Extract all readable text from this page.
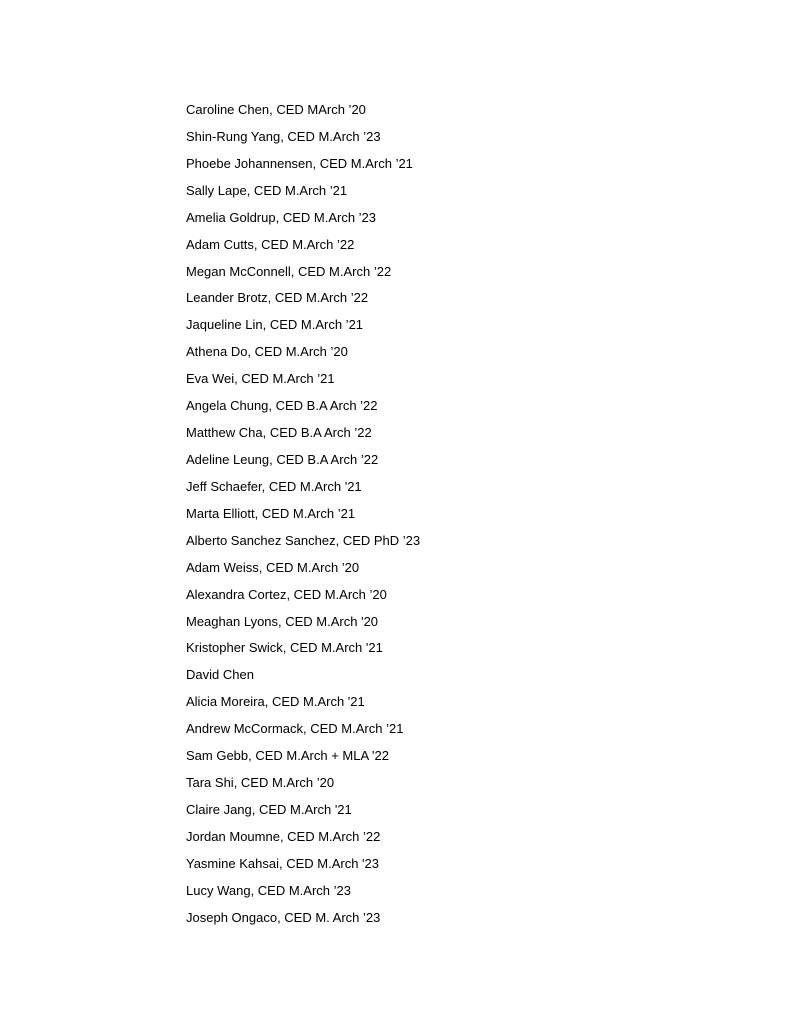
Caroline Chen, CED MArch ’20
Shin-Rung Yang, CED M.Arch ’23
Phoebe Johannensen, CED M.Arch ’21
Sally Lape, CED M.Arch ’21
Amelia Goldrup, CED M.Arch ’23
Adam Cutts, CED M.Arch ’22
Megan McConnell, CED M.Arch ’22
Leander Brotz, CED M.Arch ’22
Jaqueline Lin, CED M.Arch ’21
Athena Do, CED M.Arch ’20
Eva Wei, CED M.Arch ’21
Angela Chung, CED B.A Arch ’22
Matthew Cha, CED B.A Arch ’22
Adeline Leung, CED B.A Arch ’22
Jeff Schaefer, CED M.Arch '21
Marta Elliott, CED M.Arch ’21
Alberto Sanchez Sanchez, CED PhD ’23
Adam Weiss, CED M.Arch ’20
Alexandra Cortez, CED M.Arch ’20
Meaghan Lyons, CED M.Arch '20
Kristopher Swick, CED M.Arch '21
David Chen
Alicia Moreira, CED M.Arch '21
Andrew McCormack, CED M.Arch ’21
Sam Gebb, CED M.Arch + MLA '22
Tara Shi, CED M.Arch ’20
Claire Jang, CED M.Arch '21
Jordan Moumne, CED M.Arch ’22
Yasmine Kahsai, CED M.Arch '23
Lucy Wang, CED M.Arch ’23
Joseph Ongaco, CED M. Arch ’23
